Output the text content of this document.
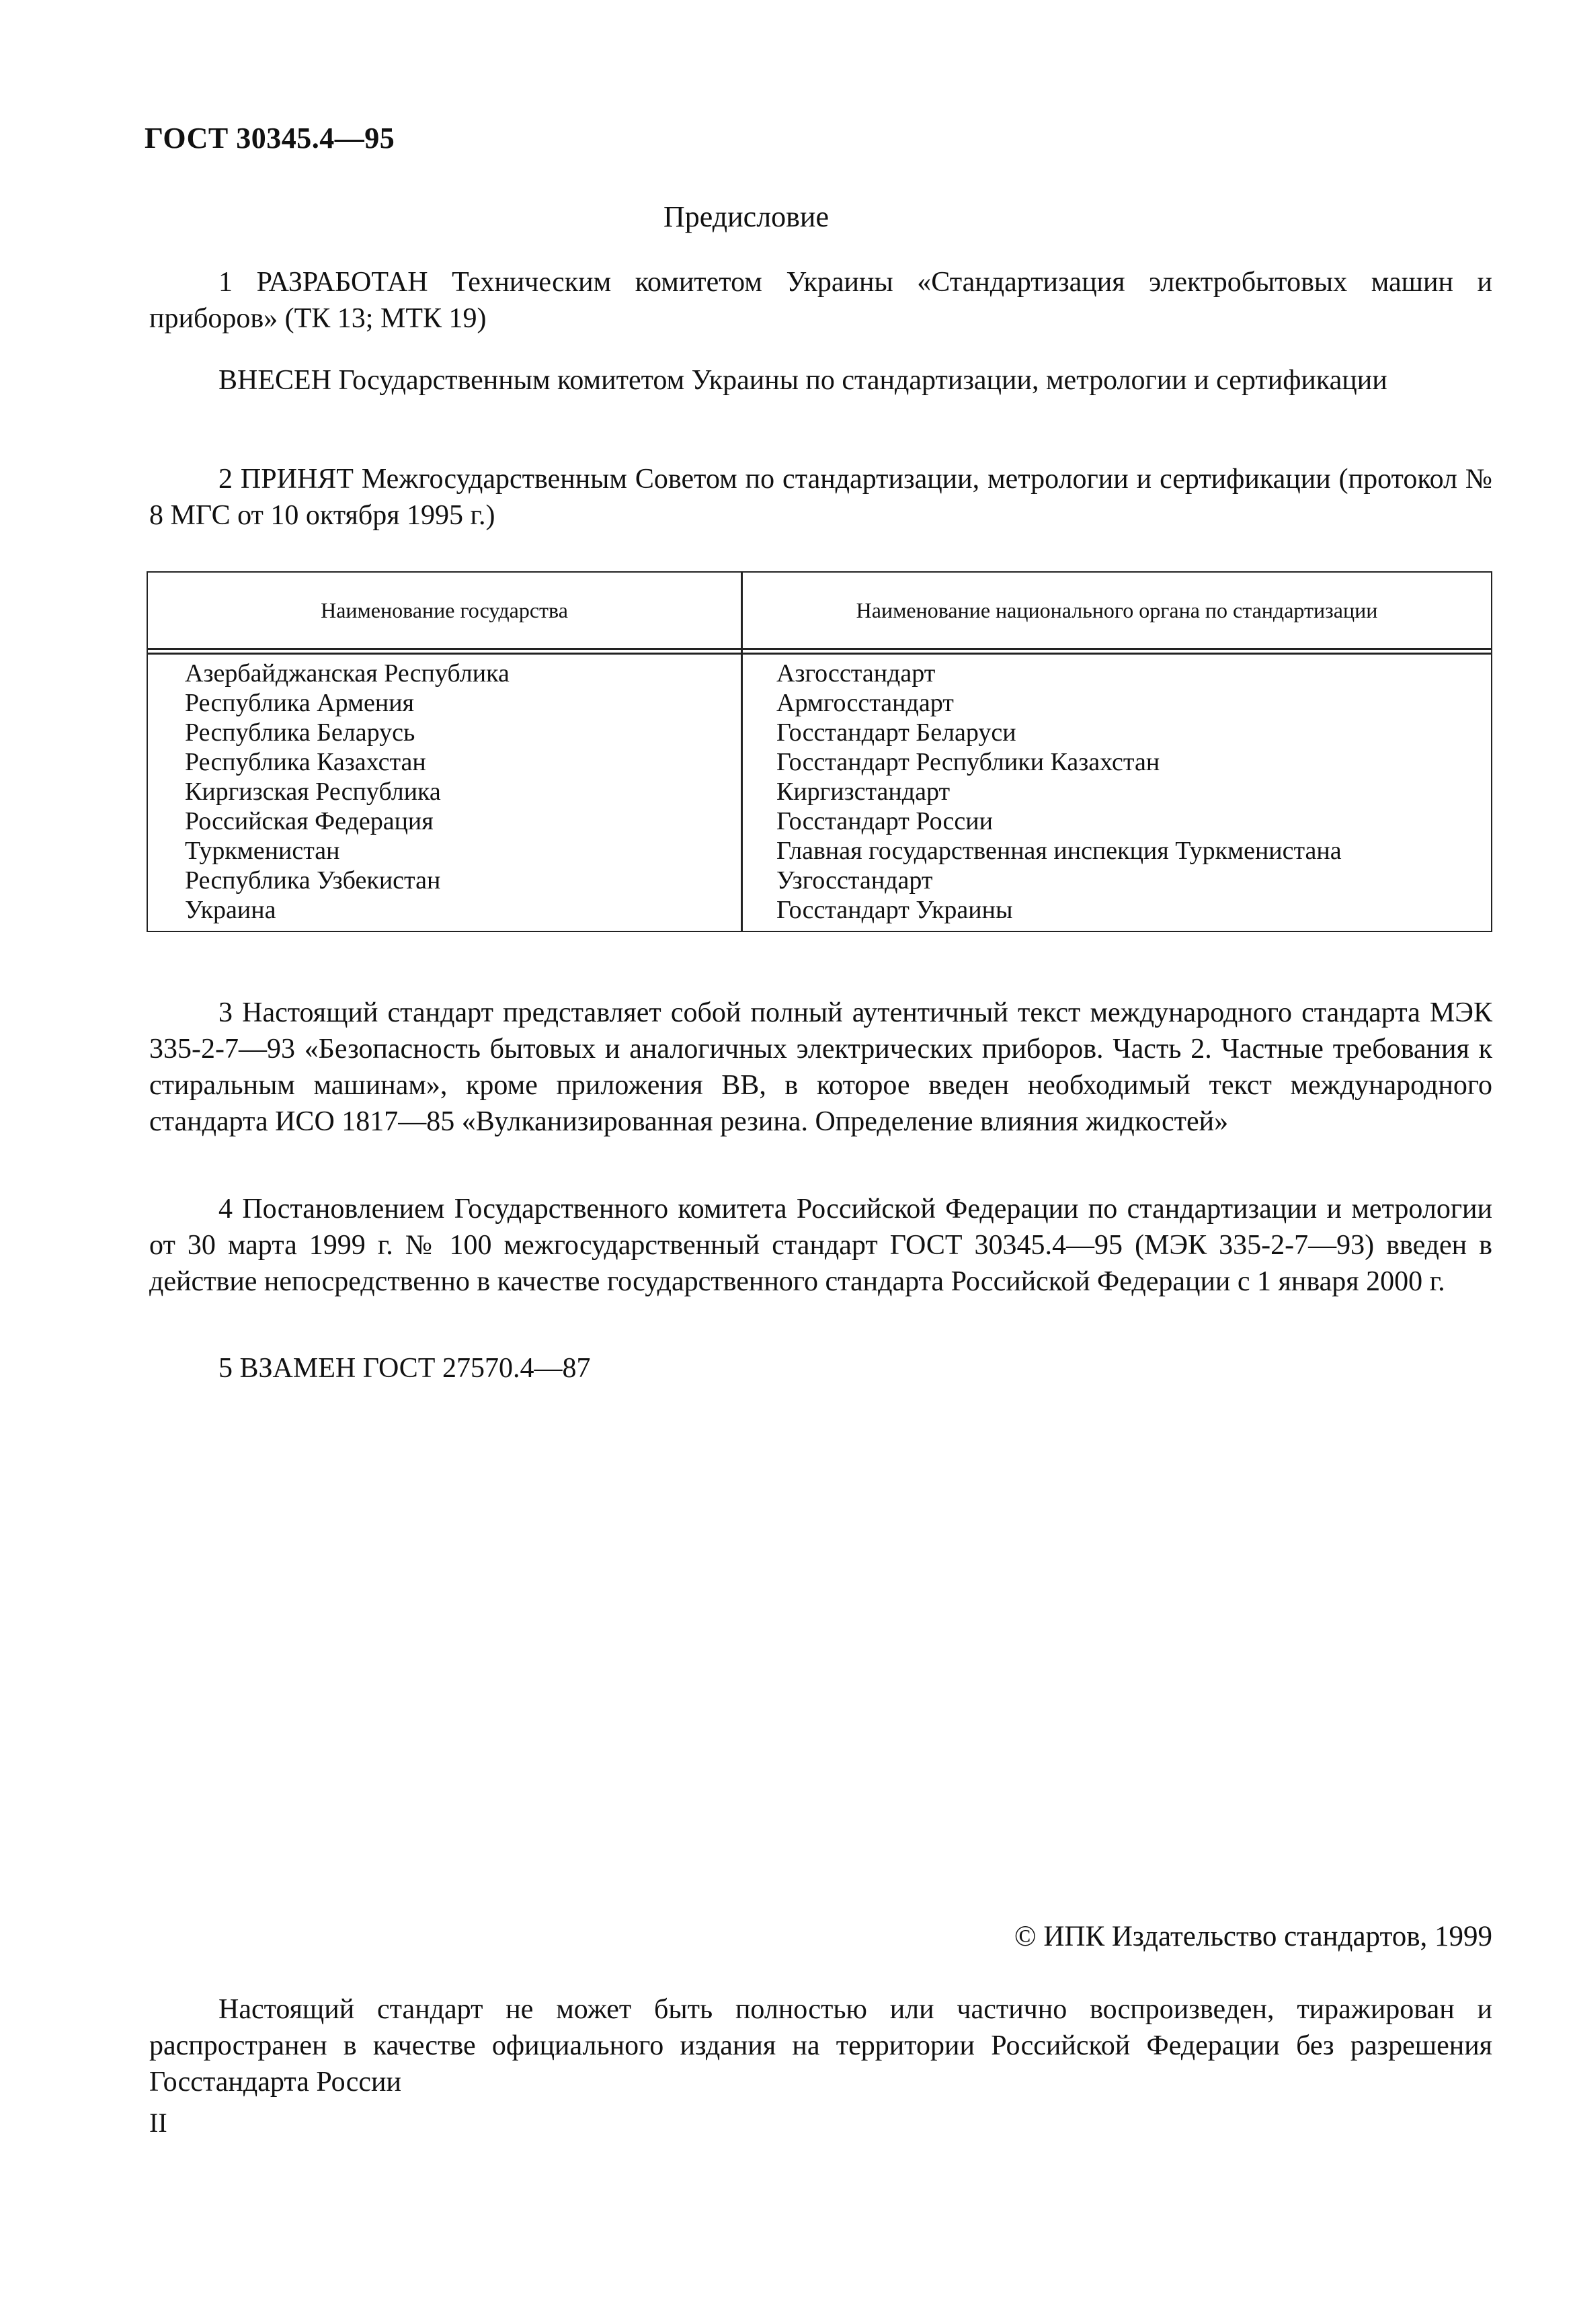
ГОСТ 30345.4—95
Предисловие

1 РАЗРАБОТАН Техническим комитетом Украины «Стандартизация электробытовых машин и приборов» (ТК 13; МТК 19)

ВНЕСЕН Государственным комитетом Украины по стандартизации, метрологии и сертификации

2 ПРИНЯТ Межгосударственным Советом по стандартизации, метрологии и сертификации (протокол № 8 МГС от 10 октября 1995 г.)

Наименование государства	Наименование национального органа по стандартизации
Азербайджанская Республика
Республика Армения
Республика Беларусь
Республика Казахстан
Киргизская Республика
Российская Федерация
Туркменистан
Республика Узбекистан
Украина
Азгосстандарт
Армгосстандарт
Госстандарт Беларуси
Госстандарт Республики Казахстан
Киргизстандарт
Госстандарт России
Главная государственная инспекция Туркменистана
Узгосстандарт
Госстандарт Украины

3 Настоящий стандарт представляет собой полный аутентичный текст международного стандарта МЭК 335-2-7—93 «Безопасность бытовых и аналогичных электрических приборов. Часть 2. Частные требования к стиральным машинам», кроме приложения ВВ, в которое введен необходимый текст международного стандарта ИСО 1817—85 «Вулканизированная резина. Определение влияния жидкостей»

4 Постановлением Государственного комитета Российской Федерации по стандартизации и метрологии от 30 марта 1999 г. № 100 межгосударственный стандарт ГОСТ 30345.4—95 (МЭК 335-2-7—93) введен в действие непосредственно в качестве государственного стандарта Российской Федерации с 1 января 2000 г.

5 ВЗАМЕН ГОСТ 27570.4—87

© ИПК Издательство стандартов, 1999

Настоящий стандарт не может быть полностью или частично воспроизведен, тиражирован и распространен в качестве официального издания на территории Российской Федерации без разрешения Госстандарта России

II
